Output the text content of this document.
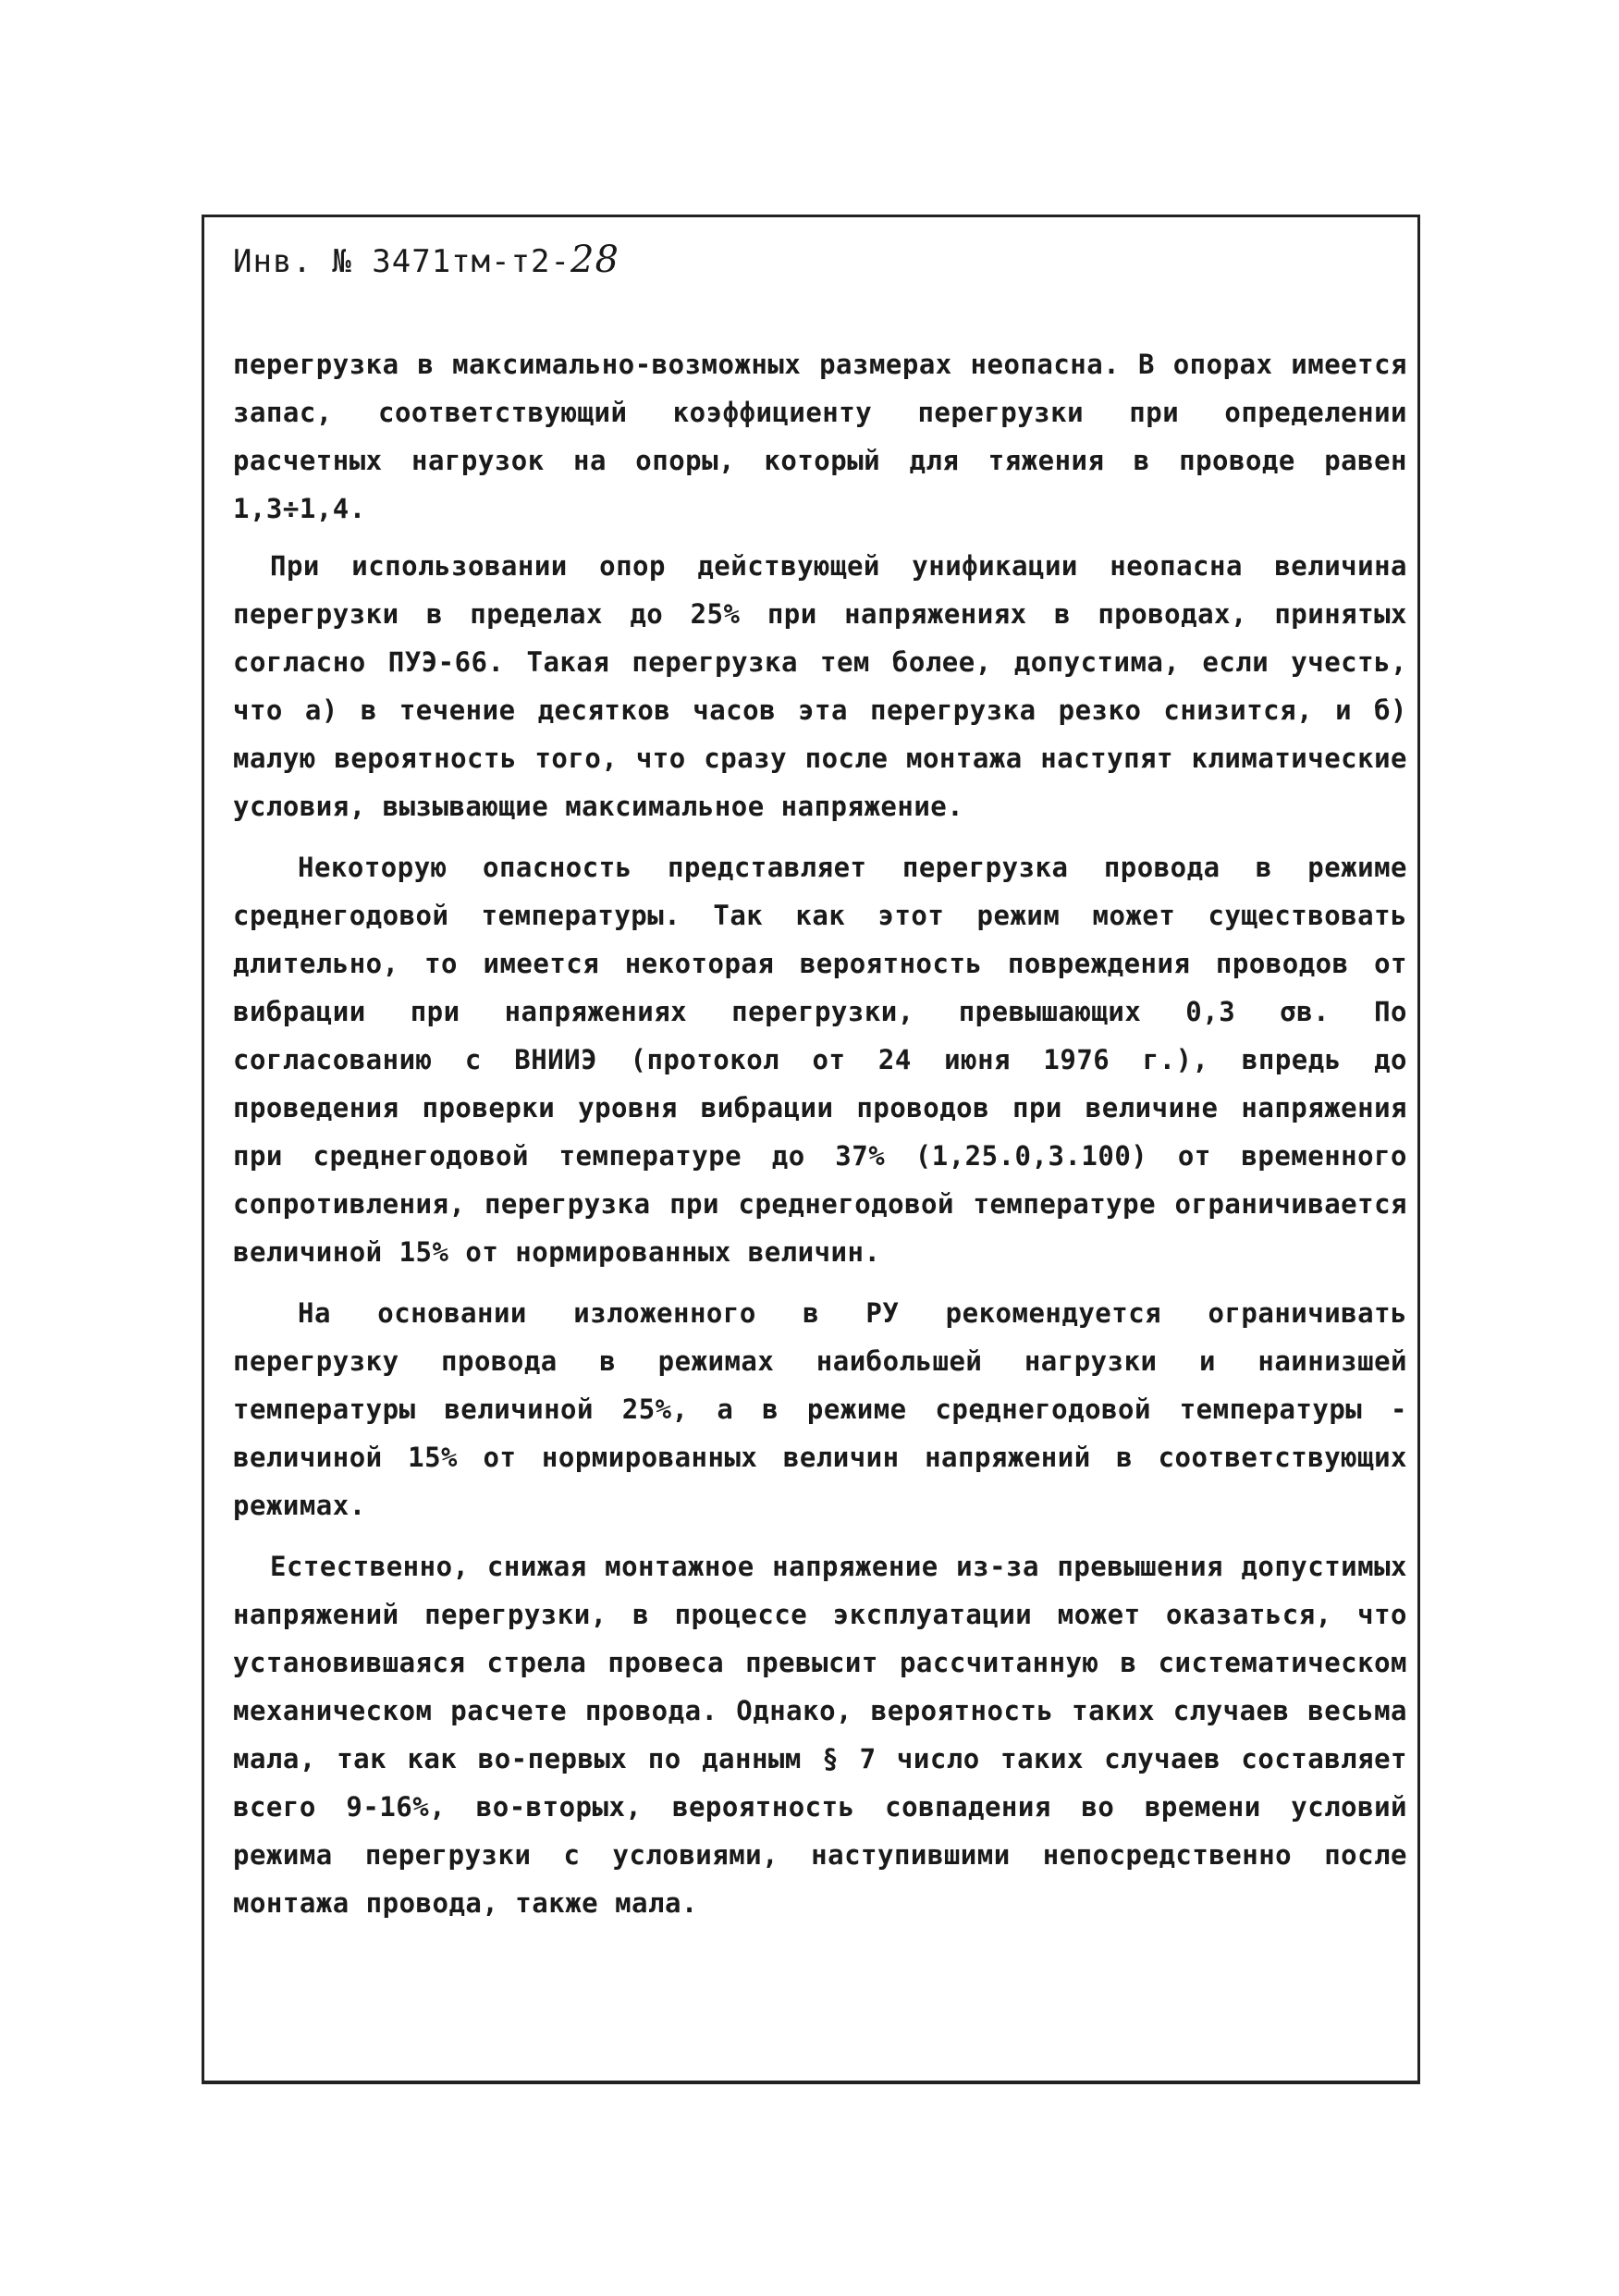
Инв. № 3471тм-т2-28

перегрузка в максимально-возможных размерах неопасна. В опорах имеется запас, соответствующий коэффициенту перегрузки при определении расчетных нагрузок на опоры, который для тяжения в проводе равен 1,3÷1,4.

При использовании опор действующей унификации неопасна величина перегрузки в пределах до 25% при напряжениях в проводах, принятых согласно ПУЭ-66. Такая перегрузка тем более, допустима, если учесть, что а) в течение десятков часов эта перегрузка резко снизится, и б) малую вероятность того, что сразу после монтажа наступят климатические условия, вызывающие максимальное напряжение.

Некоторую опасность представляет перегрузка провода в режиме среднегодовой температуры. Так как этот режим может существовать длительно, то имеется некоторая вероятность повреждения проводов от вибрации при напряжениях перегрузки, превышающих 0,3 σв. По согласованию с ВНИИЭ (протокол от 24 июня 1976 г.), впредь до проведения проверки уровня вибрации проводов при величине напряжения при среднегодовой температуре до 37% (1,25.0,3.100) от временного сопротивления, перегрузка при среднегодовой температуре ограничивается величиной 15% от нормированных величин.

На основании изложенного в РУ рекомендуется ограничивать перегрузку провода в режимах наибольшей нагрузки и наинизшей температуры величиной 25%, а в режиме среднегодовой температуры - величиной 15% от нормированных величин напряжений в соответствующих режимах.

Естественно, снижая монтажное напряжение из-за превышения допустимых напряжений перегрузки, в процессе эксплуатации может оказаться, что установившаяся стрела провеса превысит рассчитанную в систематическом механическом расчете провода. Однако, вероятность таких случаев весьма мала, так как во-первых по данным § 7 число таких случаев составляет всего 9-16%, во-вторых, вероятность совпадения во времени условий режима перегрузки с условиями, наступившими непосредственно после монтажа провода, также мала.
